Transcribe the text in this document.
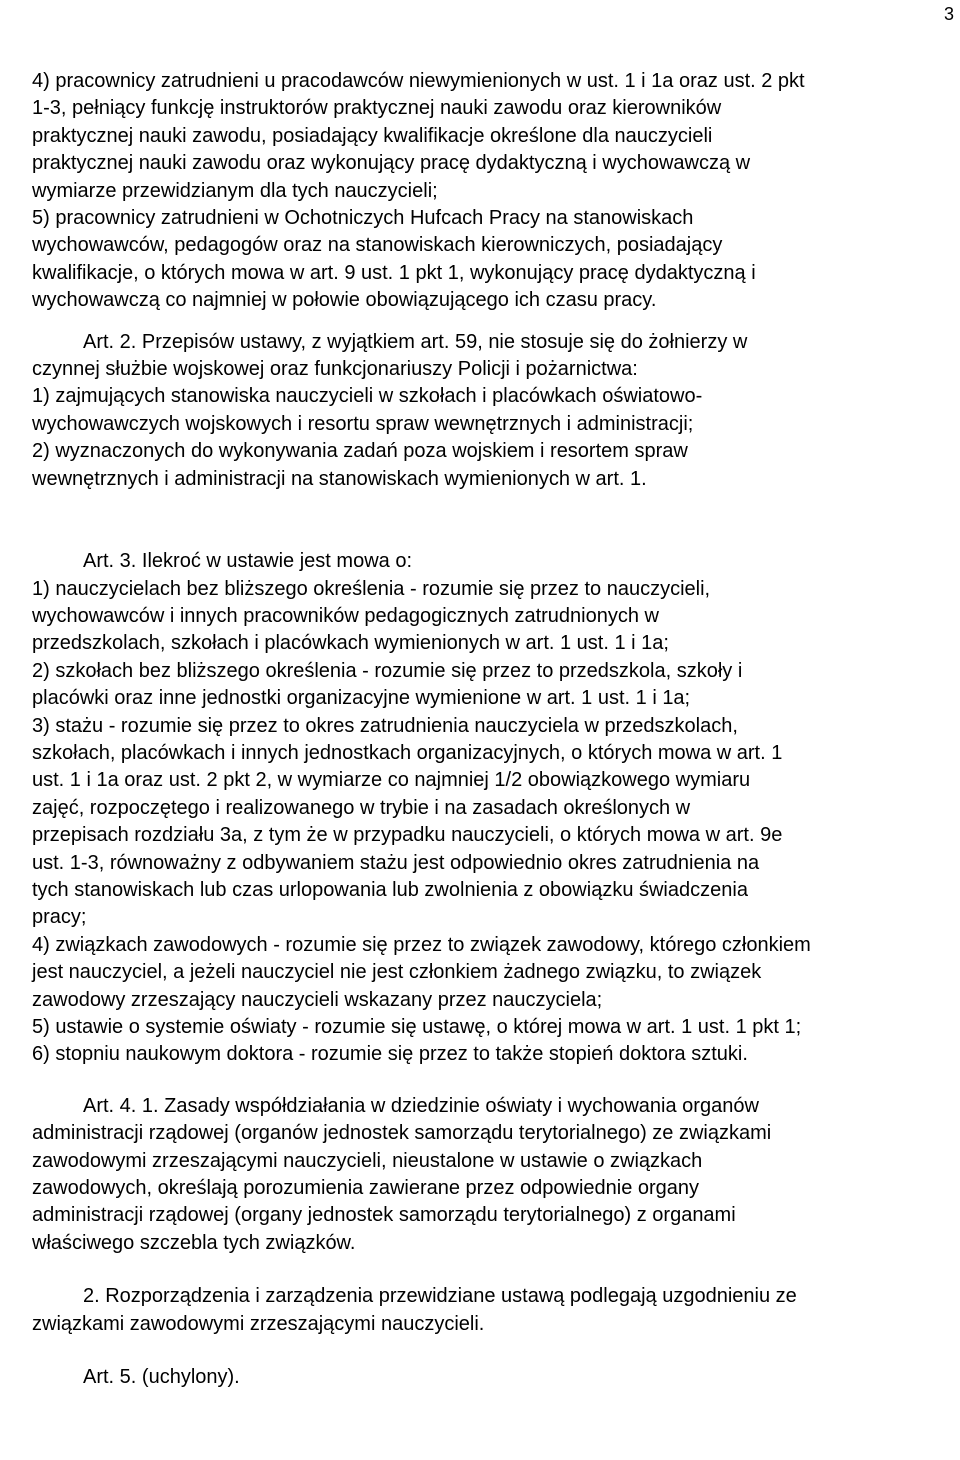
3
4) pracownicy zatrudnieni u pracodawców niewymienionych w ust. 1 i 1a oraz ust. 2 pkt
1-3, pełniący funkcję instruktorów praktycznej nauki zawodu oraz kierowników
praktycznej nauki zawodu, posiadający kwalifikacje określone dla nauczycieli
praktycznej nauki zawodu oraz wykonujący pracę dydaktyczną i wychowawczą w
wymiarze przewidzianym dla tych nauczycieli;
5) pracownicy zatrudnieni w Ochotniczych Hufcach Pracy na stanowiskach
wychowawców, pedagogów oraz na stanowiskach kierowniczych, posiadający
kwalifikacje, o których mowa w art. 9 ust. 1 pkt 1, wykonujący pracę dydaktyczną i
wychowawczą co najmniej w połowie obowiązującego ich czasu pracy.
Art. 2. Przepisów ustawy, z wyjątkiem art. 59, nie stosuje się do żołnierzy w
czynnej służbie wojskowej oraz funkcjonariuszy Policji i pożarnictwa:
1) zajmujących stanowiska nauczycieli w szkołach i placówkach oświatowo-
wychowawczych wojskowych i resortu spraw wewnętrznych i administracji;
2) wyznaczonych do wykonywania zadań poza wojskiem i resortem spraw
wewnętrznych i administracji na stanowiskach wymienionych w art. 1.
Art. 3. Ilekroć w ustawie jest mowa o:
1) nauczycielach bez bliższego określenia - rozumie się przez to nauczycieli,
wychowawców i innych pracowników pedagogicznych zatrudnionych w
przedszkolach, szkołach i placówkach wymienionych w art. 1 ust. 1 i 1a;
2) szkołach bez bliższego określenia - rozumie się przez to przedszkola, szkoły i
placówki oraz inne jednostki organizacyjne wymienione w art. 1 ust. 1 i 1a;
3) stażu - rozumie się przez to okres zatrudnienia nauczyciela w przedszkolach,
szkołach, placówkach i innych jednostkach organizacyjnych, o których mowa w art. 1
ust. 1 i 1a oraz ust. 2 pkt 2, w wymiarze co najmniej 1/2 obowiązkowego wymiaru
zajęć, rozpoczętego i realizowanego w trybie i na zasadach określonych w
przepisach rozdziału 3a, z tym że w przypadku nauczycieli, o których mowa w art. 9e
ust. 1-3, równoważny z odbywaniem stażu jest odpowiednio okres zatrudnienia na
tych stanowiskach lub czas urlopowania lub zwolnienia z obowiązku świadczenia
pracy;
4) związkach zawodowych - rozumie się przez to związek zawodowy, którego członkiem
jest nauczyciel, a jeżeli nauczyciel nie jest członkiem żadnego związku, to związek
zawodowy zrzeszający nauczycieli wskazany przez nauczyciela;
5) ustawie o systemie oświaty - rozumie się ustawę, o której mowa w art. 1 ust. 1 pkt 1;
6) stopniu naukowym doktora - rozumie się przez to także stopień doktora sztuki.
Art. 4. 1. Zasady współdziałania w dziedzinie oświaty i wychowania organów
administracji rządowej (organów jednostek samorządu terytorialnego) ze związkami
zawodowymi zrzeszającymi nauczycieli, nieustalone w ustawie o związkach
zawodowych, określają porozumienia zawierane przez odpowiednie organy
administracji rządowej (organy jednostek samorządu terytorialnego) z organami
właściwego szczebla tych związków.
2. Rozporządzenia i zarządzenia przewidziane ustawą podlegają uzgodnieniu ze
związkami zawodowymi zrzeszającymi nauczycieli.
Art. 5. (uchylony).
